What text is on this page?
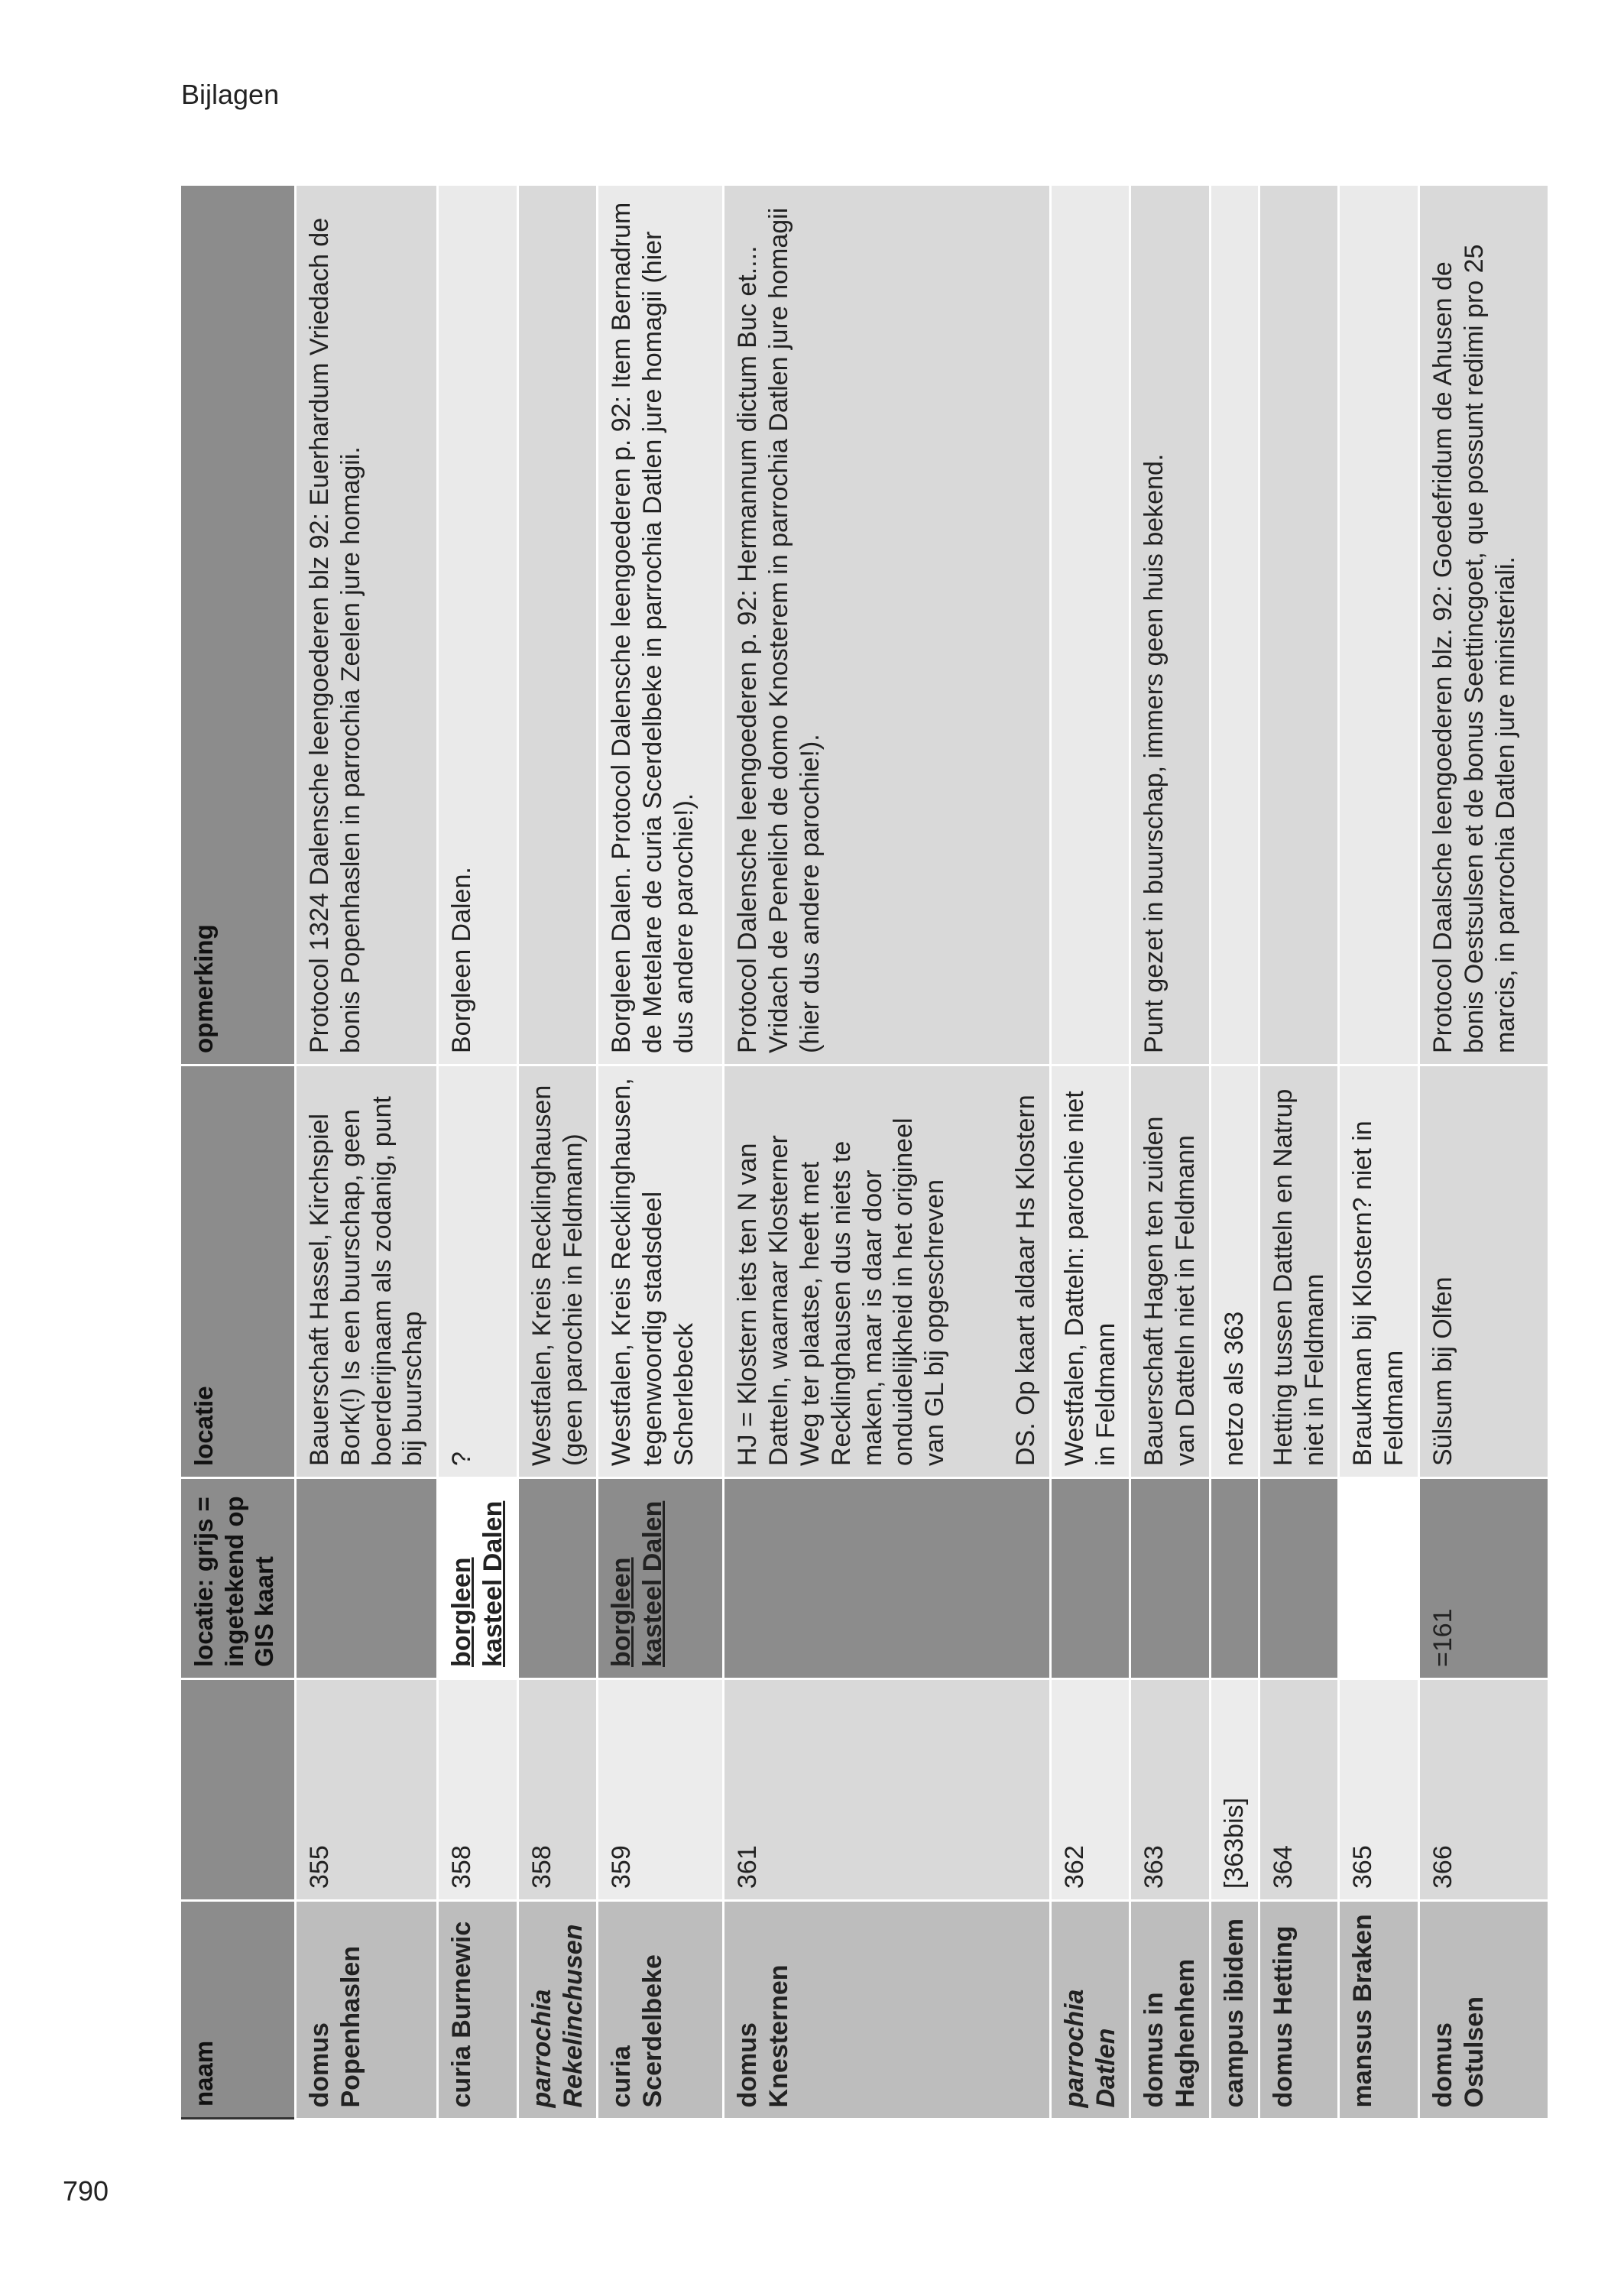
Bijlagen
790
naam		locatie: grijs = ingetekend op GIS kaart	locatie	opmerking
domus Popenhaslen	355		Bauerschaft Hassel, Kirchspiel Bork(!) Is een buurschap, geen boerderijnaam als zodanig, punt bij buurschap	Protocol 1324 Dalensche leengoederen blz 92: Euerhardum Vriedach de bonis Popenhaslen in parrochia Zeelen jure homagii.
curia Burnewic	358	borgleen kasteel Dalen	?	Borgleen Dalen.
parrochia Rekelinchusen	358		Westfalen, Kreis Recklinghausen (geen parochie in Feldmann)	
curia Scerdelbeke	359	borgleen kasteel Dalen	Westfalen, Kreis Recklinghausen, tegenwoordig stadsdeel Scherlebeck	Borgleen Dalen. Protocol Dalensche leengoederen p. 92: Item Bernadrum de Metelare de curia Scerdelbeke in parrochia Datlen jure homagii (hier dus andere parochie!).
domus Knesternen	361		HJ = Klostern iets ten N van Datteln, waarnaar Klosterner Weg ter plaatse, heeft met Recklinghausen dus niets te maken, maar is daar door onduidelijkheid in het origineel van GL bij opgeschreven DS. Op kaart aldaar Hs Klostern	Protocol Dalensche leengoederen p. 92: Hermannum dictum Buc et.... Vridach de Penelich de domo Knosterem in parrochia Datlen jure homagii (hier dus andere parochie!).
parrochia Datlen	362		Westfalen, Datteln: parochie niet in Feldmann	
domus in Haghenhem	363		Bauerschaft Hagen ten zuiden van Datteln niet in Feldmann	Punt gezet in buurschap, immers geen huis bekend.
campus ibidem	[363bis]		netzo als 363	
domus Hetting	364		Hetting tussen Datteln en Natrup niet in Feldmann	
mansus Braken	365		Braukman bij Klostern? niet in Feldmann	
domus Ostulsen	366	=161	Sülsum bij Olfen	Protocol Daalsche leengoederen blz. 92: Goedefridum de Ahusen de bonis Oestsulsen et de bonus Seettincgoet, que possunt redimi pro 25 marcis, in parrochia Datlen jure ministeriali.
